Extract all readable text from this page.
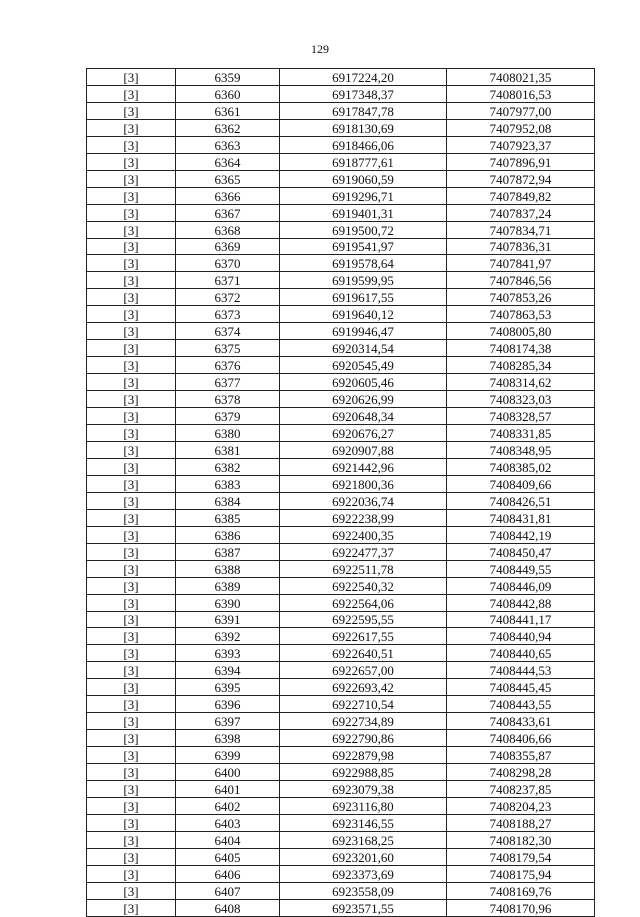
129
[3]	6359	6917224,20	7408021,35
[3]	6360	6917348,37	7408016,53
[3]	6361	6917847,78	7407977,00
[3]	6362	6918130,69	7407952,08
[3]	6363	6918466,06	7407923,37
[3]	6364	6918777,61	7407896,91
[3]	6365	6919060,59	7407872,94
[3]	6366	6919296,71	7407849,82
[3]	6367	6919401,31	7407837,24
[3]	6368	6919500,72	7407834,71
[3]	6369	6919541,97	7407836,31
[3]	6370	6919578,64	7407841,97
[3]	6371	6919599,95	7407846,56
[3]	6372	6919617,55	7407853,26
[3]	6373	6919640,12	7407863,53
[3]	6374	6919946,47	7408005,80
[3]	6375	6920314,54	7408174,38
[3]	6376	6920545,49	7408285,34
[3]	6377	6920605,46	7408314,62
[3]	6378	6920626,99	7408323,03
[3]	6379	6920648,34	7408328,57
[3]	6380	6920676,27	7408331,85
[3]	6381	6920907,88	7408348,95
[3]	6382	6921442,96	7408385,02
[3]	6383	6921800,36	7408409,66
[3]	6384	6922036,74	7408426,51
[3]	6385	6922238,99	7408431,81
[3]	6386	6922400,35	7408442,19
[3]	6387	6922477,37	7408450,47
[3]	6388	6922511,78	7408449,55
[3]	6389	6922540,32	7408446,09
[3]	6390	6922564,06	7408442,88
[3]	6391	6922595,55	7408441,17
[3]	6392	6922617,55	7408440,94
[3]	6393	6922640,51	7408440,65
[3]	6394	6922657,00	7408444,53
[3]	6395	6922693,42	7408445,45
[3]	6396	6922710,54	7408443,55
[3]	6397	6922734,89	7408433,61
[3]	6398	6922790,86	7408406,66
[3]	6399	6922879,98	7408355,87
[3]	6400	6922988,85	7408298,28
[3]	6401	6923079,38	7408237,85
[3]	6402	6923116,80	7408204,23
[3]	6403	6923146,55	7408188,27
[3]	6404	6923168,25	7408182,30
[3]	6405	6923201,60	7408179,54
[3]	6406	6923373,69	7408175,94
[3]	6407	6923558,09	7408169,76
[3]	6408	6923571,55	7408170,96
